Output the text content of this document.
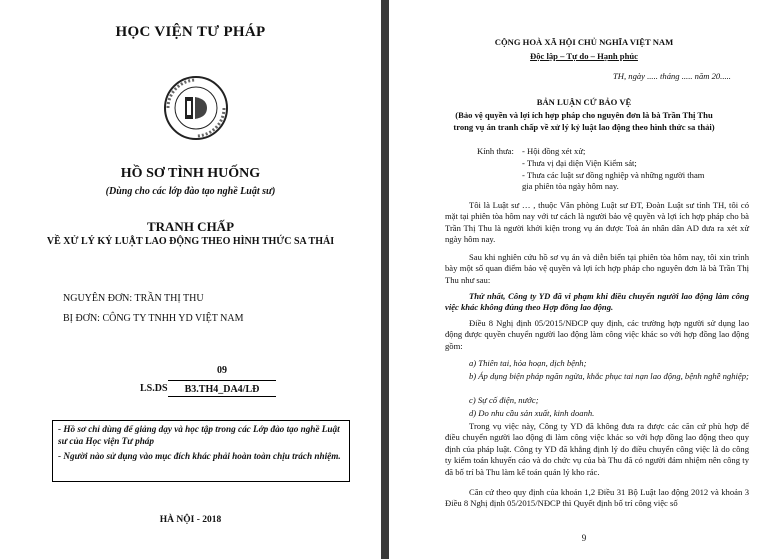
HỌC VIỆN TƯ PHÁP
HỒ SƠ TÌNH HUỐNG
(Dùng cho các lớp đào tạo nghề Luật sư)
TRANH CHẤP
VỀ XỬ LÝ KỶ LUẬT LAO ĐỘNG THEO HÌNH THỨC SA THẢI
NGUYÊN ĐƠN: TRẦN THỊ THU
BỊ ĐƠN: CÔNG TY TNHH YD VIỆT NAM
09
B3.TH4_DA4/LĐ
LS.DS
- Hồ sơ chỉ dùng để giảng dạy và học tập trong các Lớp đào tạo nghề Luật sư của Học viện Tư pháp
- Người nào sử dụng vào mục đích khác phải hoàn toàn chịu trách nhiệm.
HÀ NỘI - 2018
CỘNG HOÀ XÃ HỘI CHỦ NGHĨA VIỆT NAM
Độc lập – Tự do – Hạnh phúc
TH, ngày ..... tháng ..... năm 20.....
BẢN LUẬN CỨ BẢO VỆ
(Bảo vệ quyền và lợi ích hợp pháp cho nguyên đơn là bà Trần Thị Thu
trong vụ án tranh chấp về xử lý kỷ luật lao động theo hình thức sa thải)
Kính thưa: - Hội đồng xét xử;
- Thưa vị đại diện Viện Kiểm sát;
- Thưa các luật sư đồng nghiệp và những người tham gia phiên tòa ngày hôm nay.
Tôi là Luật sư … , thuộc Văn phòng Luật sư ĐT, Đoàn Luật sư tỉnh TH, tôi có mặt tại phiên tòa hôm nay với tư cách là người bảo vệ quyền và lợi ích hợp pháp cho bà Trần Thị Thu là người khởi kiện trong vụ án được Toà án nhân dân AD đưa ra xét xử ngày hôm nay.
Sau khi nghiên cứu hồ sơ vụ án và diễn biến tại phiên tòa hôm nay, tôi xin trình bày một số quan điểm bảo vệ quyền và lợi ích hợp pháp cho nguyên đơn là bà Trần Thị Thu như sau:
Thứ nhất, Công ty YD đã vi phạm khi điều chuyển người lao động làm công việc khác không đúng theo Hợp đồng lao động.
Điều 8 Nghị định 05/2015/NĐCP quy định, các trường hợp người sử dụng lao động được quyền chuyển người lao động làm công việc khác so với hợp đồng lao động gồm:
a) Thiên tai, hỏa hoạn, dịch bệnh;
b) Áp dụng biện pháp ngăn ngừa, khắc phục tai nạn lao động, bệnh nghề nghiệp;
c) Sự cố điện, nước;
d) Do nhu cầu sản xuất, kinh doanh.
Trong vụ việc này, Công ty YD đã không đưa ra được các căn cứ phù hợp để điều chuyển người lao động đi làm công việc khác so với hợp đồng lao động theo quy định của pháp luật. Công ty YD đã khẳng định lý do điều chuyển công việc là do công ty kiểm toán khuyến cáo và do chức vụ của bà Thu đã có người đảm nhiệm nên công ty đã bố trí bà Thu làm kế toán quản lý kho rác.
Căn cứ theo quy định của khoản 1,2 Điều 31 Bộ Luật lao động 2012 và khoản 3 Điều 8 Nghị định 05/2015/NĐCP thì Quyết định bố trí công việc số
9
